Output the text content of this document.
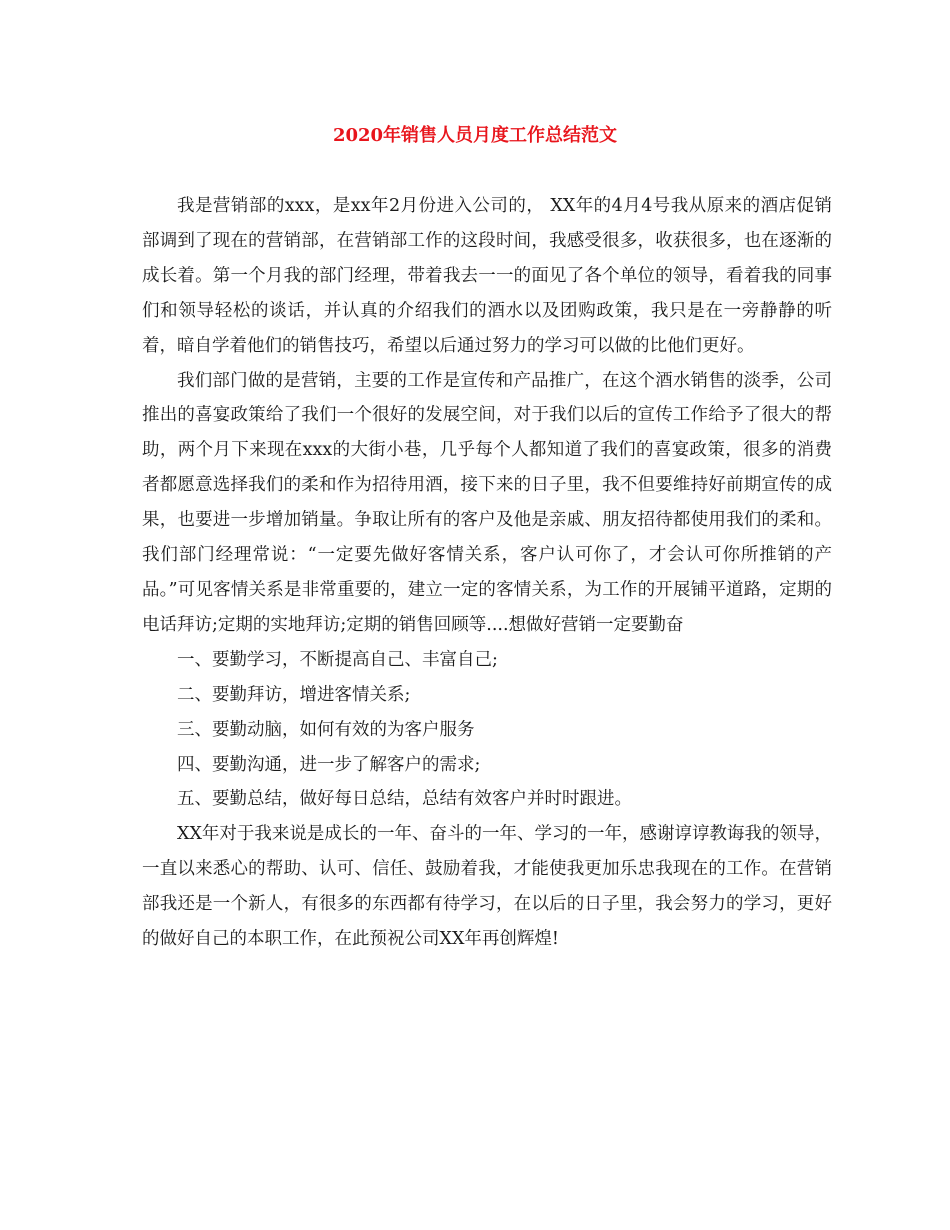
2020年销售人员月度工作总结范文

我是营销部的xxx，是xx年2月份进入公司的， XX年的4月4号我从原来的酒店促销部调到了现在的营销部，在营销部工作的这段时间，我感受很多，收获很多，也在逐渐的成长着。第一个月我的部门经理，带着我去一一的面见了各个单位的领导，看着我的同事们和领导轻松的谈话，并认真的介绍我们的酒水以及团购政策，我只是在一旁静静的听着，暗自学着他们的销售技巧，希望以后通过努力的学习可以做的比他们更好。

我们部门做的是营销，主要的工作是宣传和产品推广，在这个酒水销售的淡季，公司推出的喜宴政策给了我们一个很好的发展空间，对于我们以后的宣传工作给予了很大的帮助，两个月下来现在xxx的大街小巷，几乎每个人都知道了我们的喜宴政策，很多的消费者都愿意选择我们的柔和作为招待用酒，接下来的日子里，我不但要维持好前期宣传的成果，也要进一步增加销量。争取让所有的客户及他是亲戚、朋友招待都使用我们的柔和。我们部门经理常说：“一定要先做好客情关系，客户认可你了，才会认可你所推销的产品。”可见客情关系是非常重要的，建立一定的客情关系，为工作的开展铺平道路，定期的电话拜访;定期的实地拜访;定期的销售回顾等....想做好营销一定要勤奋

一、要勤学习，不断提高自己、丰富自己;

二、要勤拜访，增进客情关系;

三、要勤动脑，如何有效的为客户服务

四、要勤沟通，进一步了解客户的需求;

五、要勤总结，做好每日总结，总结有效客户并时时跟进。

XX年对于我来说是成长的一年、奋斗的一年、学习的一年，感谢谆谆教诲我的领导，一直以来悉心的帮助、认可、信任、鼓励着我，才能使我更加乐忠我现在的工作。在营销部我还是一个新人，有很多的东西都有待学习，在以后的日子里，我会努力的学习，更好的做好自己的本职工作，在此预祝公司XX年再创辉煌!
